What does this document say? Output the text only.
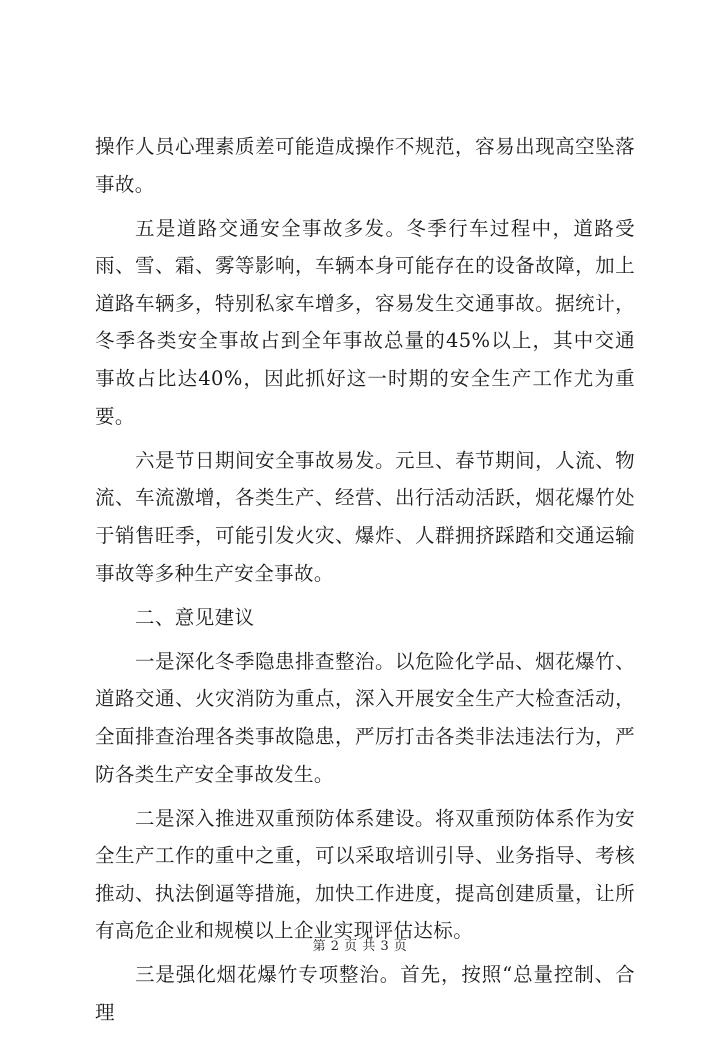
操作人员心理素质差可能造成操作不规范，容易出现高空坠落事故。

五是道路交通安全事故多发。冬季行车过程中，道路受雨、雪、霜、雾等影响，车辆本身可能存在的设备故障，加上道路车辆多，特别私家车增多，容易发生交通事故。据统计，冬季各类安全事故占到全年事故总量的45%以上，其中交通事故占比达40%，因此抓好这一时期的安全生产工作尤为重要。

六是节日期间安全事故易发。元旦、春节期间，人流、物流、车流激增，各类生产、经营、出行活动活跃，烟花爆竹处于销售旺季，可能引发火灾、爆炸、人群拥挤踩踏和交通运输事故等多种生产安全事故。

二、意见建议

一是深化冬季隐患排查整治。以危险化学品、烟花爆竹、道路交通、火灾消防为重点，深入开展安全生产大检查活动，全面排查治理各类事故隐患，严厉打击各类非法违法行为，严防各类生产安全事故发生。

二是深入推进双重预防体系建设。将双重预防体系作为安全生产工作的重中之重，可以采取培训引导、业务指导、考核推动、执法倒逼等措施，加快工作进度，提高创建质量，让所有高危企业和规模以上企业实现评估达标。

三是强化烟花爆竹专项整治。首先，按照“总量控制、合理

第 2 页 共 3 页
